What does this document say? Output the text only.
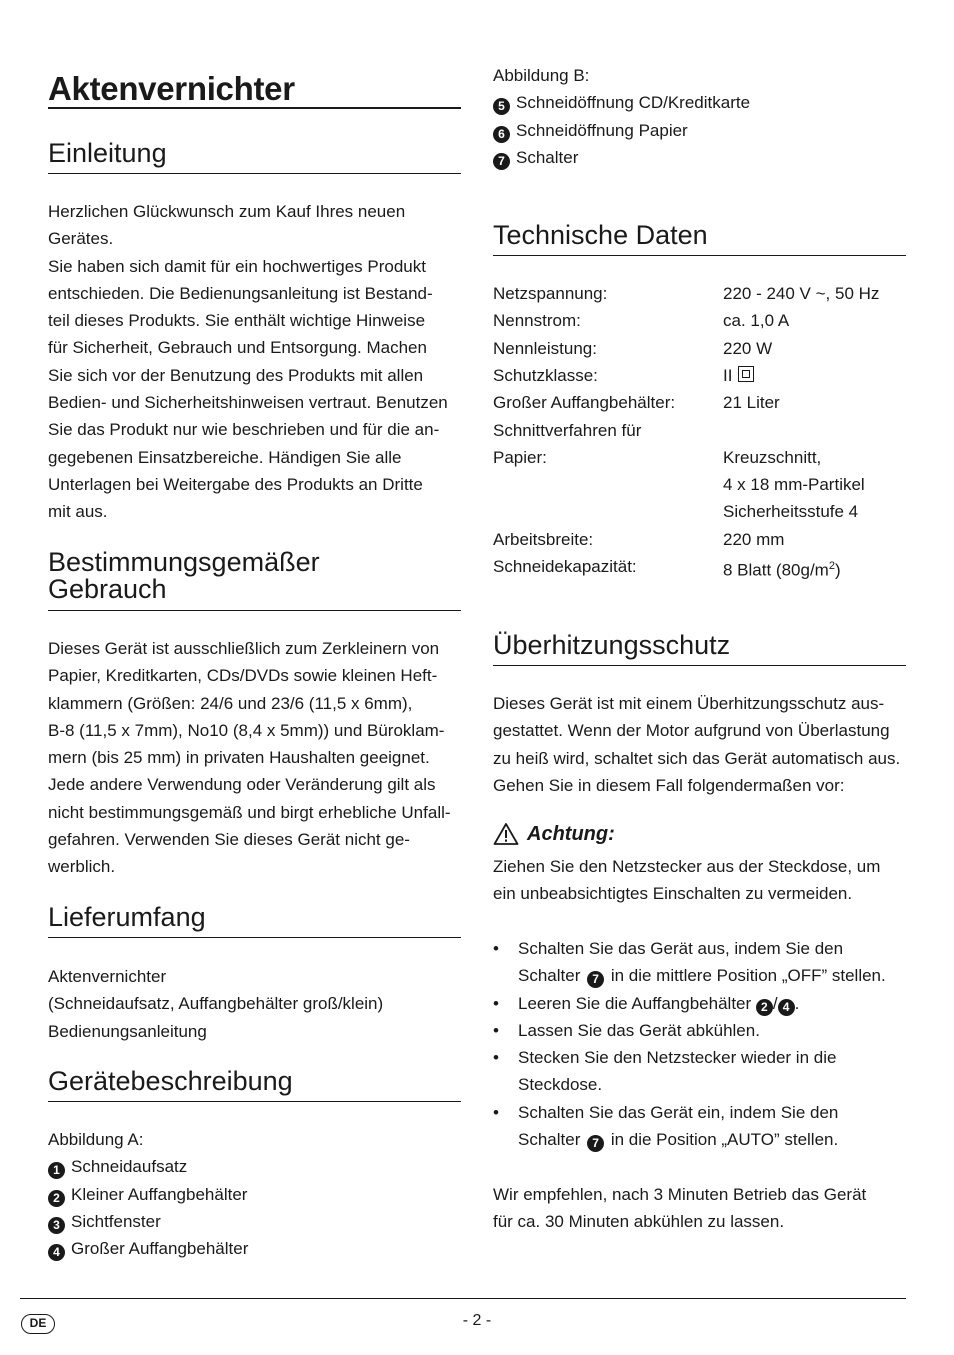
Aktenvernichter
Einleitung

Herzlichen Glückwunsch zum Kauf Ihres neuen
Gerätes.
Sie haben sich damit für ein hochwertiges Produkt
entschieden. Die Bedienungsanleitung ist Bestand-
teil dieses Produkts. Sie enthält wichtige Hinweise
für Sicherheit, Gebrauch und Entsorgung. Machen
Sie sich vor der Benutzung des Produkts mit allen
Bedien- und Sicherheitshinweisen vertraut. Benutzen
Sie das Produkt nur wie beschrieben und für die an-
gegebenen Einsatzbereiche. Händigen Sie alle
Unterlagen bei Weitergabe des Produkts an Dritte
mit aus.

Bestimmungsgemäßer
Gebrauch

Dieses Gerät ist ausschließlich zum Zerkleinern von
Papier, Kreditkarten, CDs/DVDs sowie kleinen Heft-
klammern (Größen: 24/6 und 23/6 (11,5 x 6mm),
B-8 (11,5 x 7mm), No10 (8,4 x 5mm)) und Büroklam-
mern (bis 25 mm) in privaten Haushalten geeignet.
Jede andere Verwendung oder Veränderung gilt als
nicht bestimmungsgemäß und birgt erhebliche Unfall-
gefahren. Verwenden Sie dieses Gerät nicht ge-
werblich.

Lieferumfang
Aktenvernichter
(Schneidaufsatz, Auffangbehälter groß/klein)
Bedienungsanleitung
Gerätebeschreibung
Abbildung A:
1 Schneidaufsatz
2 Kleiner Auffangbehälter
3 Sichtfenster
4 Großer Auffangbehälter
Abbildung B:
5 Schneidöffnung CD/Kreditkarte
6 Schneidöffnung Papier
7 Schalter
Technische Daten
Netzspannung:	220 - 240 V ~, 50 Hz
Nennstrom:	ca. 1,0 A
Nennleistung:	220 W
Schutzklasse:	II
Großer Auffangbehälter:	21 Liter
Schnittverfahren für
Papier:	Kreuzschnitt,
4 x 18 mm-Partikel
Sicherheitsstufe 4
Arbeitsbreite:	220 mm
Schneidekapazität:	8 Blatt $(80g/m^2)$
Überhitzungsschutz

Dieses Gerät ist mit einem Überhitzungsschutz aus-
gestattet. Wenn der Motor aufgrund von Überlastung
zu heiß wird, schaltet sich das Gerät automatisch aus.
Gehen Sie in diesem Fall folgendermaßen vor:

Achtung:

Ziehen Sie den Netzstecker aus der Steckdose, um
ein unbeabsichtigtes Einschalten zu vermeiden.

• Schalten Sie das Gerät aus, indem Sie den
Schalter 7 in die mittlere Position „OFF” stellen.
• Leeren Sie die Auffangbehälter 2 / 4 .
• Lassen Sie das Gerät abkühlen.
• Stecken Sie den Netzstecker wieder in die
Steckdose.
• Schalten Sie das Gerät ein, indem Sie den
Schalter 7 in die Position „AUTO” stellen.

Wir empfehlen, nach 3 Minuten Betrieb das Gerät
für ca. 30 Minuten abkühlen zu lassen.

DE	- 2 -
